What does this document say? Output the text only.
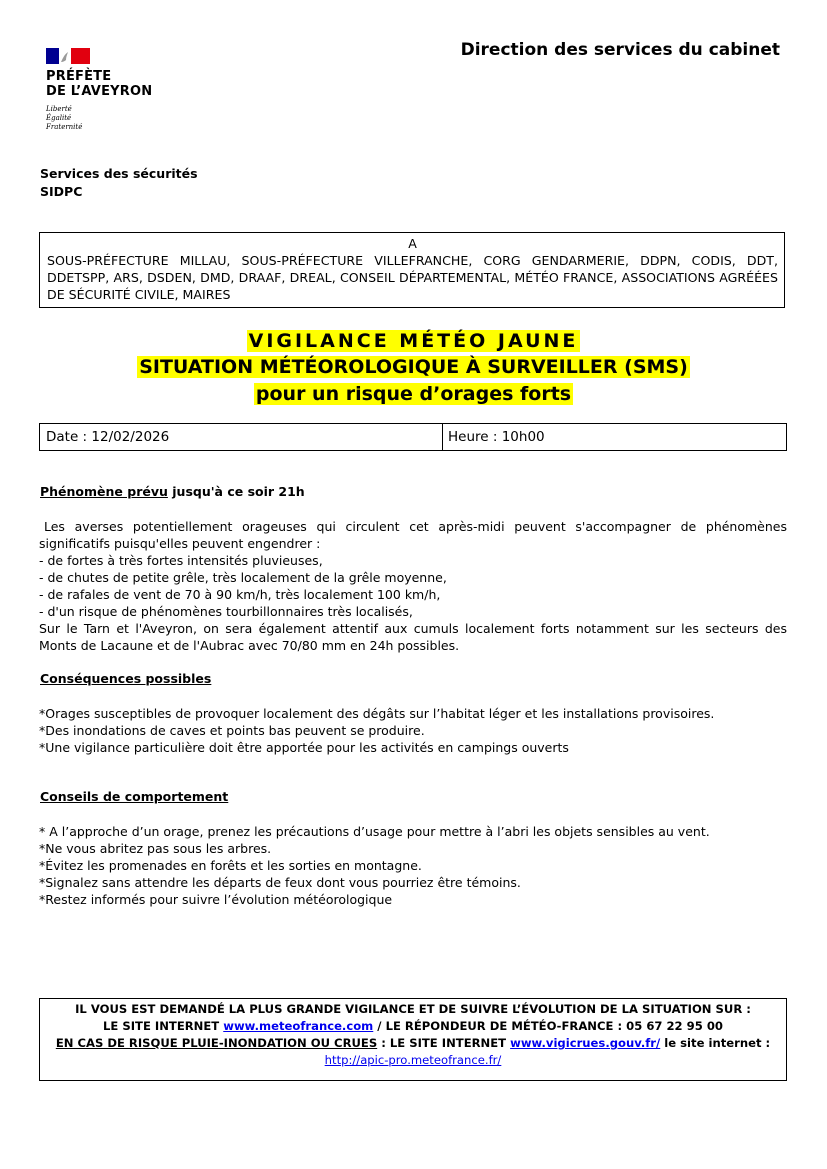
PRÉFÈTE
DE L’AVEYRON
Liberté
Égalité
Fraternité
Direction des services du cabinet
Services des sécurités
SIDPC
A
SOUS-PRÉFECTURE MILLAU, SOUS-PRÉFECTURE VILLEFRANCHE, CORG GENDARMERIE, DDPN, CODIS, DDT, DDETSPP, ARS, DSDEN, DMD, DRAAF, DREAL, CONSEIL DÉPARTEMENTAL, MÉTÉO FRANCE, ASSOCIATIONS AGRÉÉES DE SÉCURITÉ CIVILE, MAIRES
VIGILANCE MÉTÉO JAUNE
SITUATION MÉTÉOROLOGIQUE À SURVEILLER (SMS)
pour un risque d’orages forts
Date : 12/02/2026	Heure : 10h00
Phénomène prévu jusqu'à ce soir 21h
Les averses potentiellement orageuses qui circulent cet après-midi peuvent s'accompagner de phénomènes significatifs puisqu'elles peuvent engendrer :
- de fortes à très fortes intensités pluvieuses,
- de chutes de petite grêle, très localement de la grêle moyenne,
- de rafales de vent de 70 à 90 km/h, très localement 100 km/h,
- d'un risque de phénomènes tourbillonnaires très localisés,
Sur le Tarn et l'Aveyron, on sera également attentif aux cumuls localement forts notamment sur les secteurs des Monts de Lacaune et de l'Aubrac avec 70/80 mm en 24h possibles.
Conséquences possibles
*Orages susceptibles de provoquer localement des dégâts sur l’habitat léger et les installations provisoires.
*Des inondations de caves et points bas peuvent se produire.
*Une vigilance particulière doit être apportée pour les activités en campings ouverts
Conseils de comportement
* A l’approche d’un orage, prenez les précautions d’usage pour mettre à l’abri les objets sensibles au vent.
*Ne vous abritez pas sous les arbres.
*Évitez les promenades en forêts et les sorties en montagne.
*Signalez sans attendre les départs de feux dont vous pourriez être témoins.
*Restez informés pour suivre l’évolution météorologique
IL VOUS EST DEMANDÉ LA PLUS GRANDE VIGILANCE ET DE SUIVRE L’ÉVOLUTION DE LA SITUATION SUR :
LE SITE INTERNET www.meteofrance.com / LE RÉPONDEUR DE MÉTÉO-FRANCE : 05 67 22 95 00
EN CAS DE RISQUE PLUIE-INONDATION OU CRUES : LE SITE INTERNET www.vigicrues.gouv.fr/ le site internet :
http://apic-pro.meteofrance.fr/
